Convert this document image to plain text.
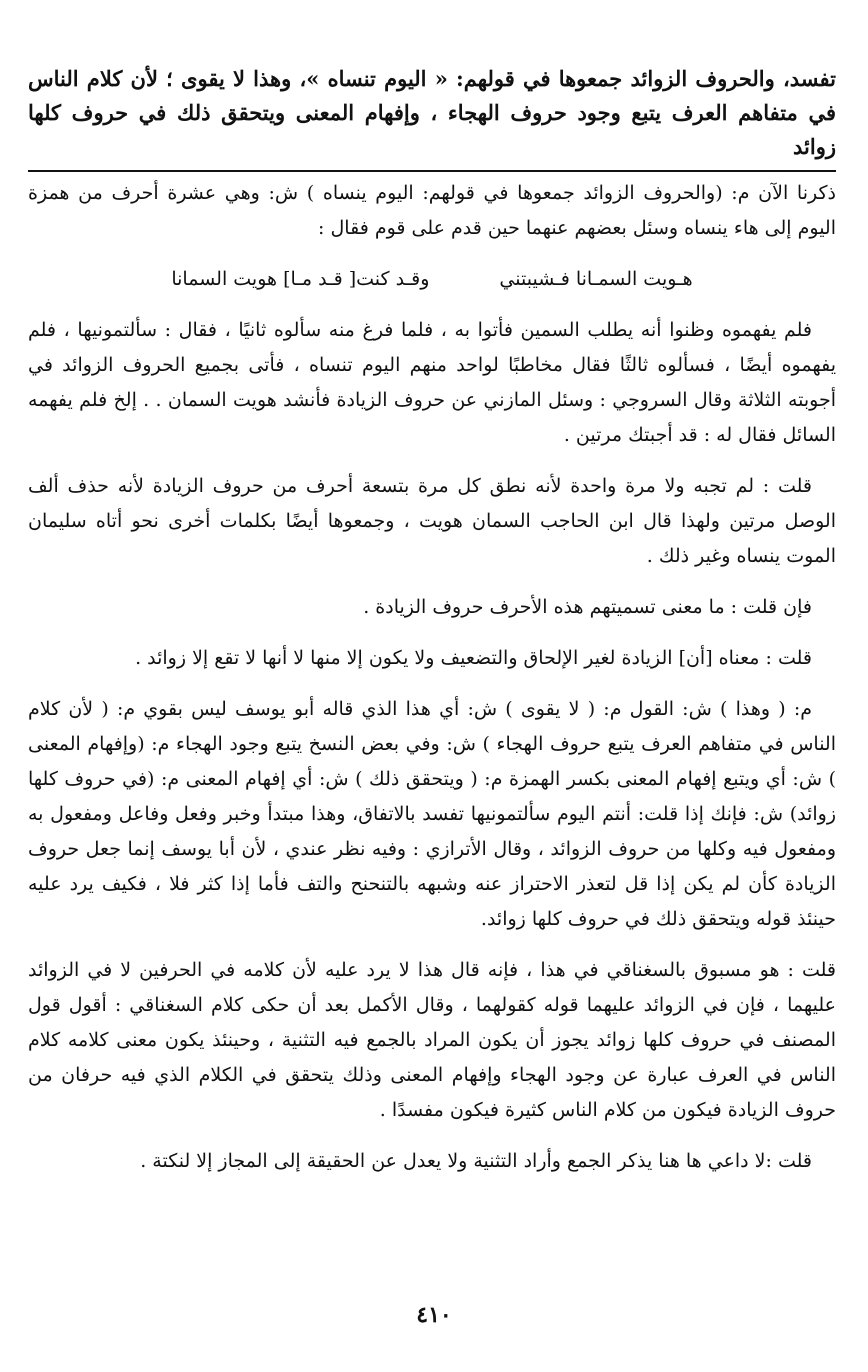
تفسد، والحروف الزوائد جمعوها في قولهم: « اليوم تنساه »، وهذا لا يقوى ؛ لأن كلام الناس في متفاهم العرف يتبع وجود حروف الهجاء ، وإفهام المعنى ويتحقق ذلك في حروف كلها زوائد

ذكرنا الآن م: (والحروف الزوائد جمعوها في قولهم: اليوم ينساه ) ش: وهي عشرة أحرف من همزة اليوم إلى هاء ينساه وسئل بعضهم عنهما حين قدم على قوم فقال :

هـويت السمـانا فـشيبتني
وقـد كنت[ قـد مـا] هويت السمانا

فلم يفهموه وظنوا أنه يطلب السمين فأتوا به ، فلما فرغ منه سألوه ثانيًا ، فقال : سألتمونيها ، فلم يفهموه أيضًا ، فسألوه ثالثًا فقال مخاطبًا لواحد منهم اليوم تنساه ، فأتى بجميع الحروف الزوائد في أجوبته الثلاثة وقال السروجي : وسئل المازني عن حروف الزيادة فأنشد هويت السمان . . إلخ فلم يفهمه السائل فقال له : قد أجبتك مرتين .

قلت : لم تجبه ولا مرة واحدة لأنه نطق كل مرة بتسعة أحرف من حروف الزيادة لأنه حذف ألف الوصل مرتين ولهذا قال ابن الحاجب السمان هويت ، وجمعوها أيضًا بكلمات أخرى نحو أتاه سليمان الموت ينساه وغير ذلك .

فإن قلت : ما معنى تسميتهم هذه الأحرف حروف الزيادة .

قلت : معناه [أن] الزيادة لغير الإلحاق والتضعيف ولا يكون إلا منها لا أنها لا تقع إلا زوائد .

م: ( وهذا ) ش: القول م: ( لا يقوى ) ش: أي هذا الذي قاله أبو يوسف ليس بقوي م: ( لأن كلام الناس في متفاهم العرف يتبع حروف الهجاء ) ش: وفي بعض النسخ يتبع وجود الهجاء م: (وإفهام المعنى ) ش: أي ويتبع إفهام المعنى بكسر الهمزة م: ( ويتحقق ذلك ) ش: أي إفهام المعنى م: (في حروف كلها زوائد) ش: فإنك إذا قلت: أنتم اليوم سألتمونيها تفسد بالاتفاق، وهذا مبتدأ وخبر وفعل وفاعل ومفعول به ومفعول فيه وكلها من حروف الزوائد ، وقال الأترازي : وفيه نظر عندي ، لأن أبا يوسف إنما جعل حروف الزيادة كأن لم يكن إذا قل لتعذر الاحتراز عنه وشبهه بالتنحنح والتف فأما إذا كثر فلا ، فكيف يرد عليه حينئذ قوله ويتحقق ذلك في حروف كلها زوائد.

قلت : هو مسبوق بالسغناقي في هذا ، فإنه قال هذا لا يرد عليه لأن كلامه في الحرفين لا في الزوائد عليهما ، فإن في الزوائد عليهما قوله كقولهما ، وقال الأكمل بعد أن حكى كلام السغناقي : أقول قول المصنف في حروف كلها زوائد يجوز أن يكون المراد بالجمع فيه التثنية ، وحينئذ يكون معنى كلامه كلام الناس في العرف عبارة عن وجود الهجاء وإفهام المعنى وذلك يتحقق في الكلام الذي فيه حرفان من حروف الزيادة فيكون من كلام الناس كثيرة فيكون مفسدًا .

قلت :لا داعي ها هنا يذكر الجمع وأراد التثنية ولا يعدل عن الحقيقة إلى المجاز إلا لنكتة .

٤١٠
